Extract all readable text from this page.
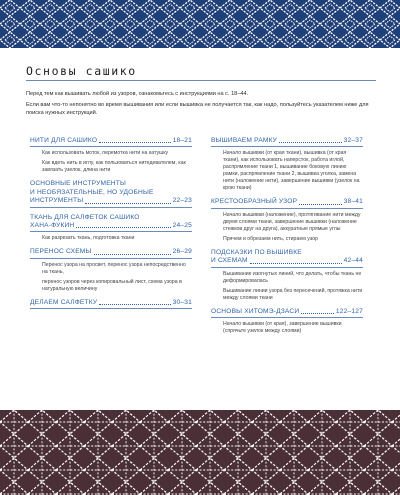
Основы сашико

Перед тем как вышивать любой из узоров, ознакомьтесь с инструкциями на с. 18–44.

Если вам что-то непонятно во время вышивания или если вышивка не получается так, как надо, пользуйтесь указателем ниже для поиска нужных инструкций.

НИТИ ДЛЯ САШИКО	18–21

Как использовать моток, перемотка нити на катушку

Как вдеть нить в иглу, как пользоваться нитедевателем, как завязать узелок, длина нити

ОСНОВНЫЕ ИНСТРУМЕНТЫ
И НЕОБЯЗАТЕЛЬНЫЕ, НО УДОБНЫЕ
ИНСТРУМЕНТЫ	22–23
ТКАНЬ ДЛЯ САЛФЕТОК САШИКО
ХАНА-ФУКИН	24–25

Как разрезать ткань, подготовка ткани

ПЕРЕНОС СХЕМЫ	26–29

Перенос узора на просвет, перенос узора непосредственно на ткань,

перенос узоров через копировальный лист, схема узора в натуральную величину

ДЕЛАЕМ САЛФЕТКУ	30–31
ВЫШИВАЕМ РАМКУ	32–37

Начало вышивки (от края ткани), вышивка (от края ткани), как использовать наперсток, работа иглой, распрямление ткани 1, вышивание боковую линию рамки, распрямление ткани 2, вышивка уголка, замена нити (наложение нити), завершение вышивки (узелок на крою ткани)

КРЕСТООБРАЗНЫЙ УЗОР	38–41

Начало вышивки (наложение), протягивание нити между двумя слоями ткани, завершение вышивки (наложение стежков друг на друга), аккуратные прямые углы

Прячем и обрезаем нить, стираем узор

ПОДСКАЗКИ ПО ВЫШИВКЕ
И СХЕМАМ	42–44

Вышивание изогнутых линий, что делать, чтобы ткань не деформировалась

Вышивание линии узора без пересечений, протяжка нити между слоями ткани

ОСНОВЫ ХИТОМЭ-ДЗАСИ	122–127

Начало вышивки (от края), завершение вышивки (спрячьте узелок между слоями)
